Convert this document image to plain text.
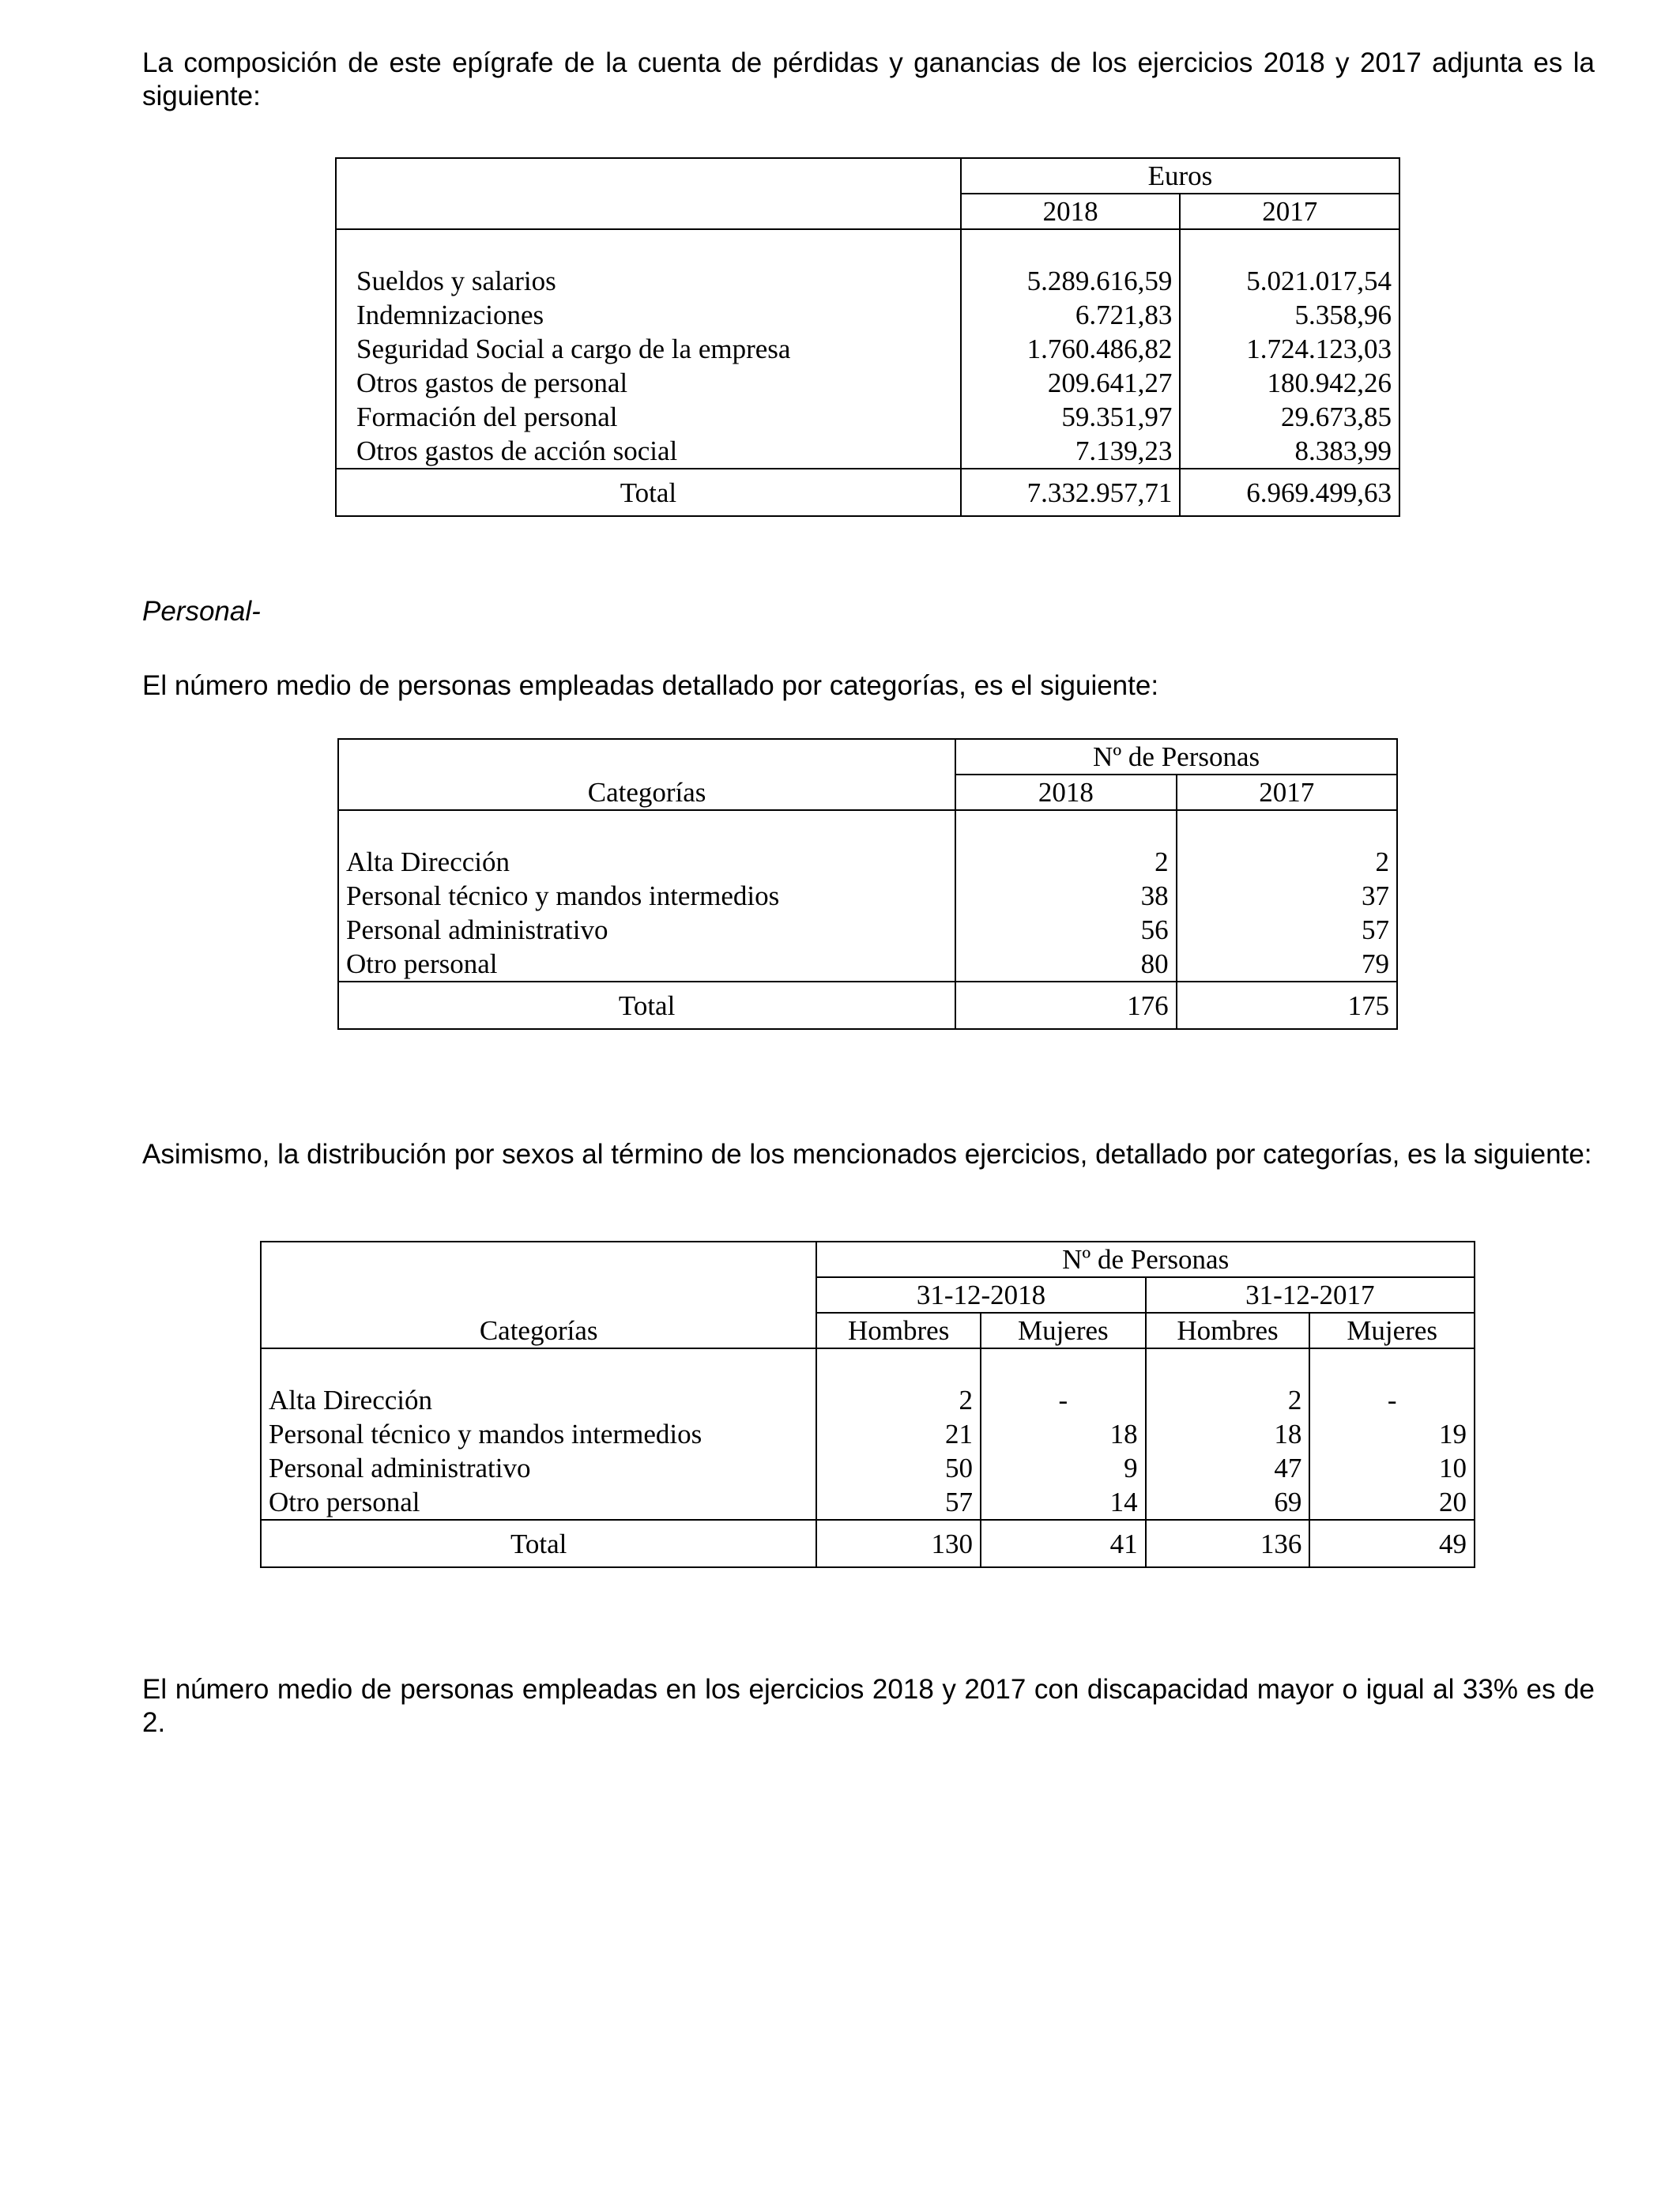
La composición de este epígrafe de la cuenta de pérdidas y ganancias de los ejercicios 2018 y 2017 adjunta es la siguiente:

	Euros	
	2018	2017

Sueldos y salarios	5.289.616,59	5.021.017,54
Indemnizaciones	6.721,83	5.358,96
Seguridad Social a cargo de la empresa	1.760.486,82	1.724.123,03
Otros gastos de personal	209.641,27	180.942,26
Formación del personal	59.351,97	29.673,85
Otros gastos de acción social	7.139,23	8.383,99
Total	7.332.957,71	6.969.499,63

Personal-

El número medio de personas empleadas detallado por categorías, es el siguiente:

Categorías	Nº de Personas	
	2018	2017

Alta Dirección	2	2
Personal técnico y mandos intermedios	38	37
Personal administrativo	56	57
Otro personal	80	79
Total	176	175

Asimismo, la distribución por sexos al término de los mencionados ejercicios, detallado por categorías, es la siguiente:

Categorías	Nº de Personas			
	31-12-2018		31-12-2017	
	Hombres	Mujeres	Hombres	Mujeres

Alta Dirección	2	-	2	-
Personal técnico y mandos intermedios	21	18	18	19
Personal administrativo	50	9	47	10
Otro personal	57	14	69	20
Total	130	41	136	49

El número medio de personas empleadas en los ejercicios 2018 y 2017 con discapacidad mayor o igual al 33% es de 2.
